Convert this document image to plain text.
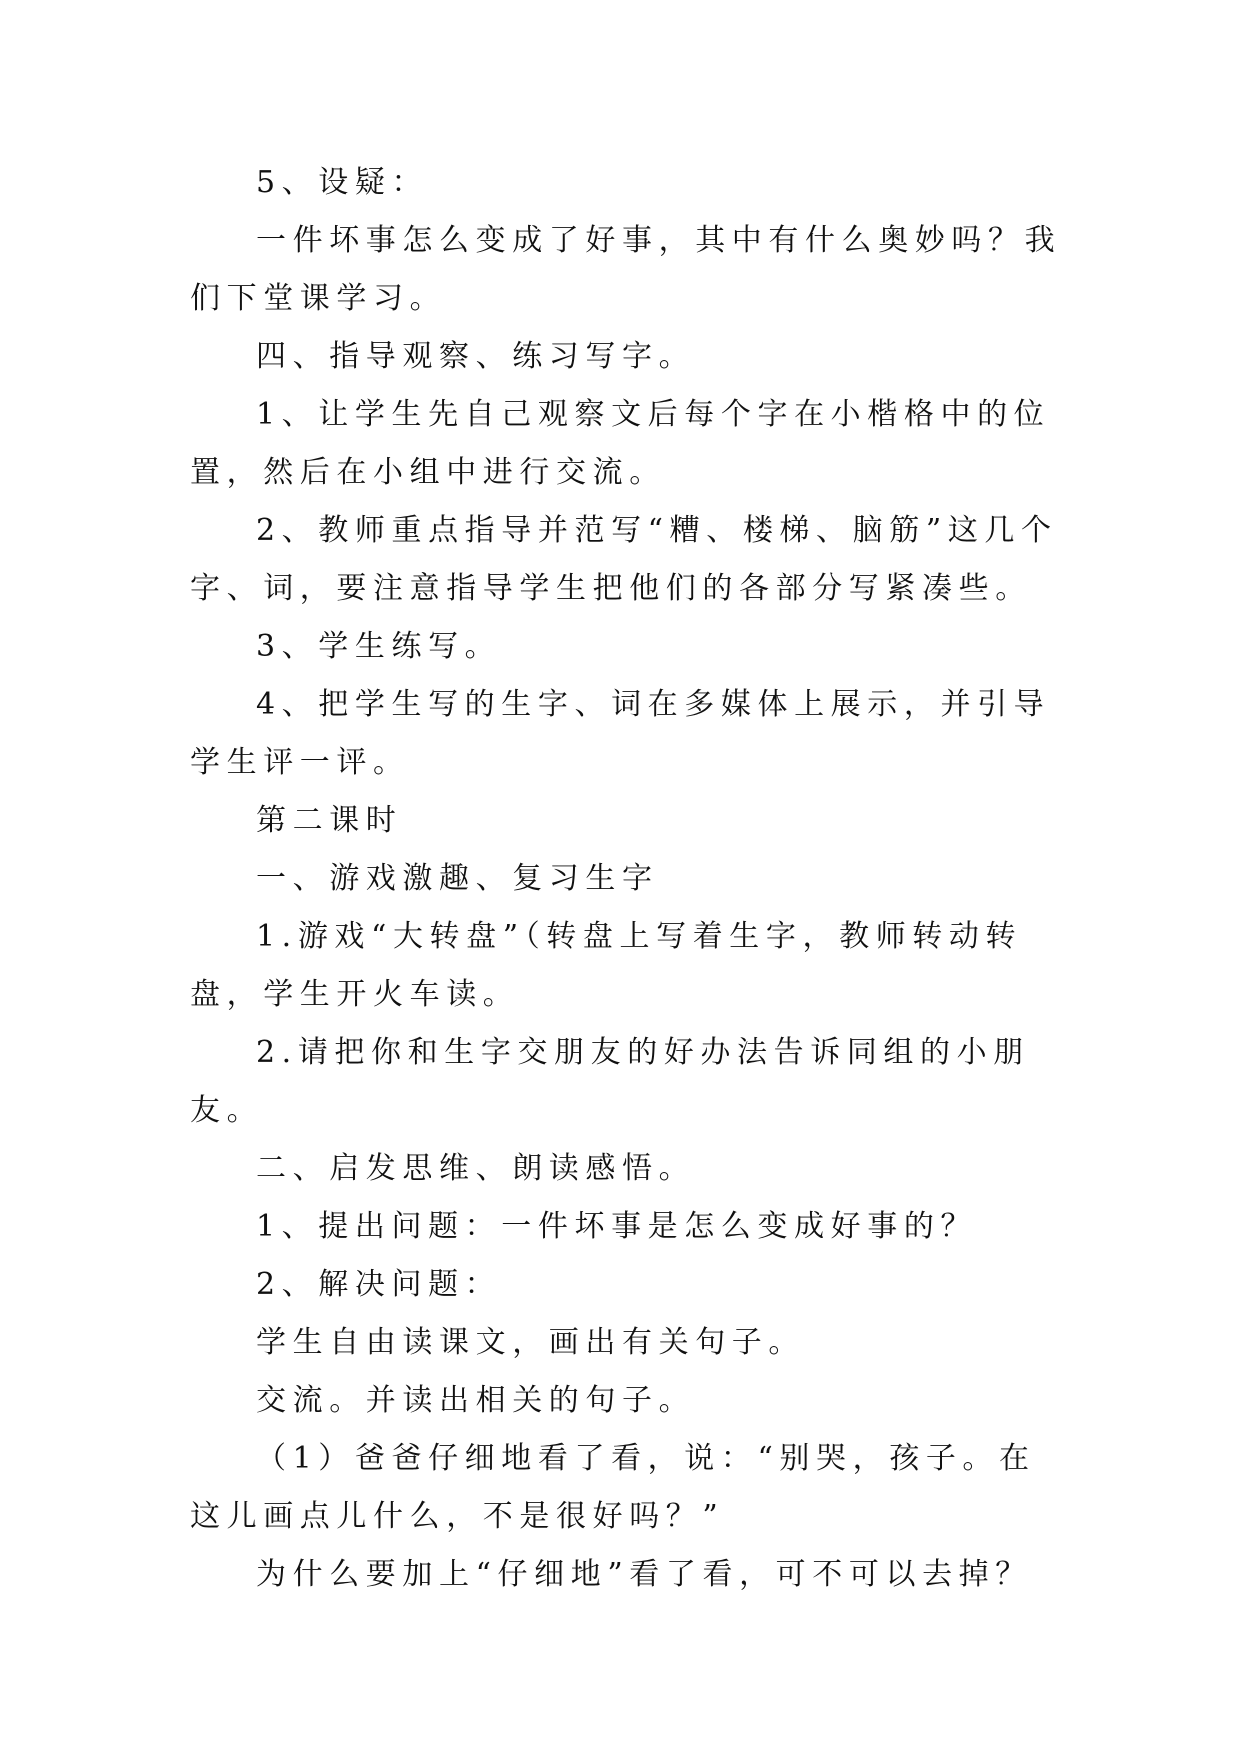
5、设疑：

一件坏事怎么变成了好事，其中有什么奥妙吗？我们下堂课学习。

四、指导观察、练习写字。

1、让学生先自己观察文后每个字在小楷格中的位置，然后在小组中进行交流。

2、教师重点指导并范写“糟、楼梯、脑筋”这几个字、词，要注意指导学生把他们的各部分写紧凑些。

3、学生练写。

4、把学生写的生字、词在多媒体上展示，并引导学生评一评。

第二课时

一、游戏激趣、复习生字

1.游戏“大转盘”（转盘上写着生字，教师转动转盘，学生开火车读。

2.请把你和生字交朋友的好办法告诉同组的小朋友。

二、启发思维、朗读感悟。

1、提出问题：一件坏事是怎么变成好事的？

2、解决问题：

学生自由读课文，画出有关句子。

交流。并读出相关的句子。

（1）爸爸仔细地看了看，说：“别哭，孩子。在这儿画点儿什么，不是很好吗？”

为什么要加上“仔细地”看了看，可不可以去掉？
